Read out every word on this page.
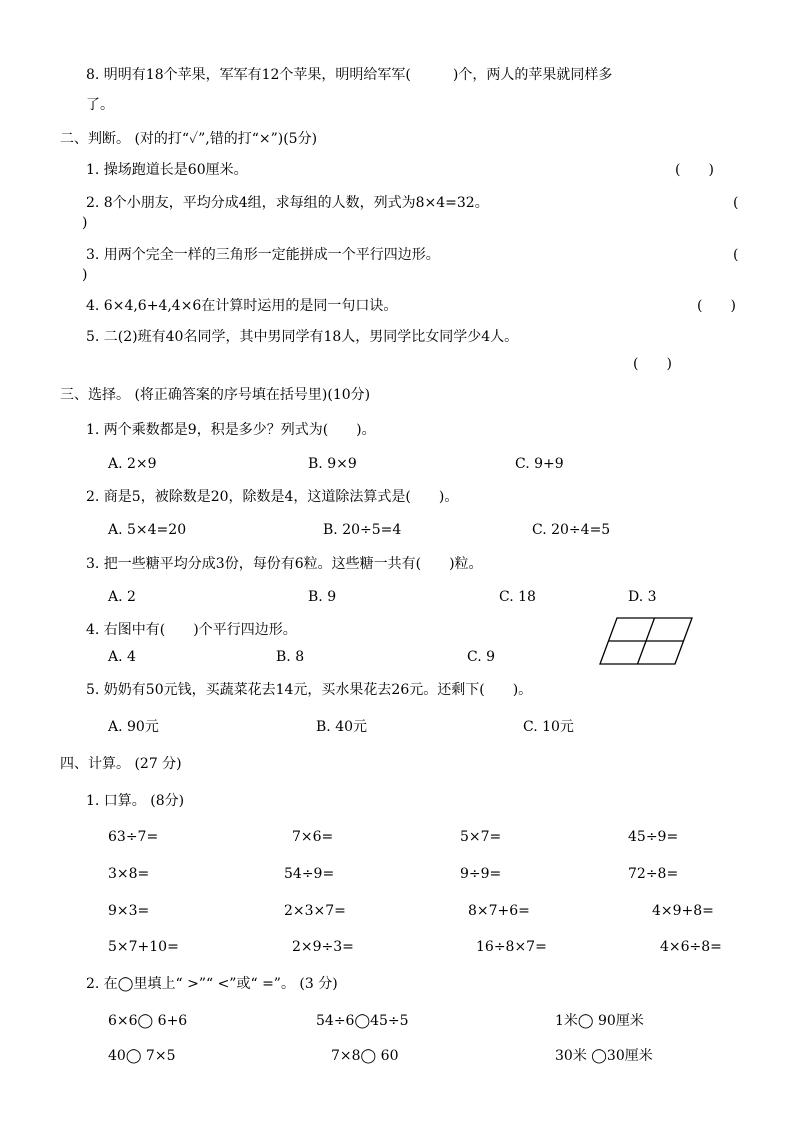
8. 明明有18个苹果，军军有12个苹果，明明给军军(　　　)个，两人的苹果就同样多
了。
二、判断。 (对的打“✓”,错的打“×”)(5分)
1. 操场跑道长是60厘米。	(　　)
2. 8个小朋友，平均分成4组，求每组的人数，列式为8×4=32。	(
)
3. 用两个完全一样的三角形一定能拼成一个平行四边形。	(
)
4. 6×4,6+4,4×6在计算时运用的是同一句口诀。	(　　)
5. 二(2)班有40名同学，其中男同学有18人，男同学比女同学少4人。
(　　)
三、选择。 (将正确答案的序号填在括号里)(10分)
1. 两个乘数都是9，积是多少？列式为(　　)。
A. 2×9	B. 9×9	C. 9+9
2. 商是5，被除数是20，除数是4，这道除法算式是(　　)。
A. 5×4=20	B. 20÷5=4	C. 20÷4=5
3. 把一些糖平均分成3份，每份有6粒。这些糖一共有(　　)粒。
A. 2	B. 9	C. 18	D. 3
4. 右图中有(　　)个平行四边形。
A. 4	B. 8	C. 9
5. 奶奶有50元钱，买蔬菜花去14元，买水果花去26元。还剩下(　　)。
A. 90元	B. 40元	C. 10元
四、计算。 (27 分)
1. 口算。 (8分)
63÷7=	7×6=	5×7=	45÷9=
3×8=	54÷9=	9÷9=	72÷8=
9×3=	2×3×7=	8×7+6=	4×9+8=
5×7+10=	2×9÷3=	16÷8×7=	4×6÷8=
2. 在◯里填上“ >”“ <”或“ =”。 (3 分)
6×6◯ 6+6	54÷6◯45÷5	1米◯ 90厘米
40◯ 7×5	7×8◯ 60	30米 ◯30厘米
